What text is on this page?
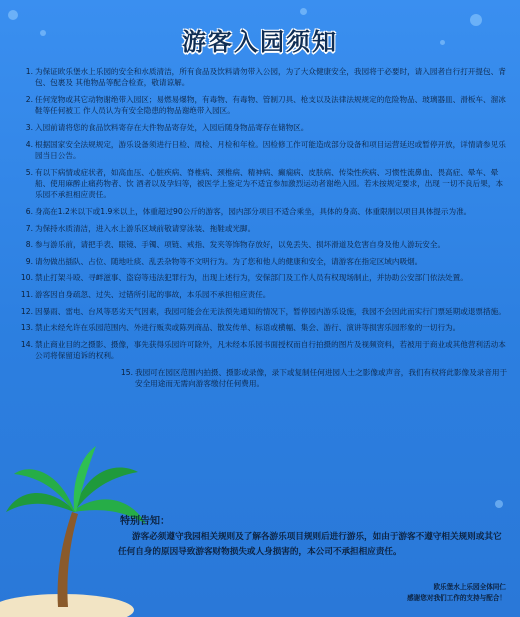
游客入园须知
1. 为保证欧乐堡水上乐园的安全和水质清洁，所有食品及饮料请勿带入公园，为了大众健康安全，我园将于必要时，请入园者自行打开提包、背包、包裹及 其他物品等配合检查，敬请谅解。
2. 任何宠物或其它动物谢绝带入园区；易燃易爆物，有毒物、有毒物、管制刀具、枪支以及法律法规规定的危险物品、玻璃器皿、滑板车、溜冰鞋等任何被工 作人员认为有安全隐患的物品谢绝带入园区。
3. 入园前请将您的食品饮料寄存在大件物品寄存处，入园后随身物品寄存在储物区。
4. 根据国家安全法规规定，游乐设备须进行日检、周检、月检和年检。因检修工作可能造成部分设备和项目运营延迟或暂停开放，详情请参见乐园当日公告。
5. 有以下病情或症状者，如高血压、心脏疾病、脊椎病、颈椎病、精神病、癫痫病、皮肤病、传染性疾病、习惯性流鼻血、畏高症、晕车、晕船、使用麻醉止痛药物者、饮 酒者以及孕妇等，被医学上鉴定为不适宜参加激烈运动者谢绝入园。若未按规定要求，出现 一切不良后果，本乐园不承担相应责任。
6. 身高在1.2米以下或1.9米以上，体重超过90公斤的游客，园内部分项目不适合乘坐，具体的身高、体重限制以项目具体提示为准。
7. 为保持水质清洁，进入水上游乐区域前敬请穿泳装、拖鞋或光脚。
8. 参与游乐前，请把手表、眼镜、手镯、项链、戒指、发夹等饰物存放好，以免丢失、损坏滑道及危害自身及他人游玩安全。
9. 请勿做出插队、占位、随地吐痰、乱丢杂物等不文明行为。为了您和他人的健康和安全，请游客在指定区域内吸烟。
10. 禁止打架斗殴、寻衅滋事、盗窃等违法犯罪行为，出现上述行为，安保部门及工作人员有权现场制止，并协助公安部门依法处置。
11. 游客因自身疏忽、过失、过错所引起的事故，本乐园不承担相应责任。
12. 因暴雨、雷电、台风等恶劣天气因素，我园可能会在无法预先通知的情况下，暂停园内游乐设施，我园不会因此而实行门票延期或退票措施。
13. 禁止未经允许在乐园范围内、外进行贩卖或陈列商品、散发传单、标语或横幅、集会、游行、演讲等损害乐园形象的一切行为。
14. 禁止商业目的之摄影、摄像，事先获得乐园许可除外，凡未经本乐园书面授权而自行拍摄的图片及视频资料，若被用于商业或其他营利活动本公司将保留追诉的权利。
15. 我园可在园区范围内拍摄、摄影或录像，录下或复制任何进园人士之影像或声音，我们有权将此影像及录音用于安全用途而无需向游客缴付任何费用。
特别告知：
游客必须遵守我园相关规则及了解各游乐项目规则后进行游乐，如由于游客不遵守相关规则或其它任何自身的原因导致游客财物损失或人身损害的，本公司不承担相应责任。
欧乐堡水上乐园全体同仁
感谢您对我们工作的支持与配合！
